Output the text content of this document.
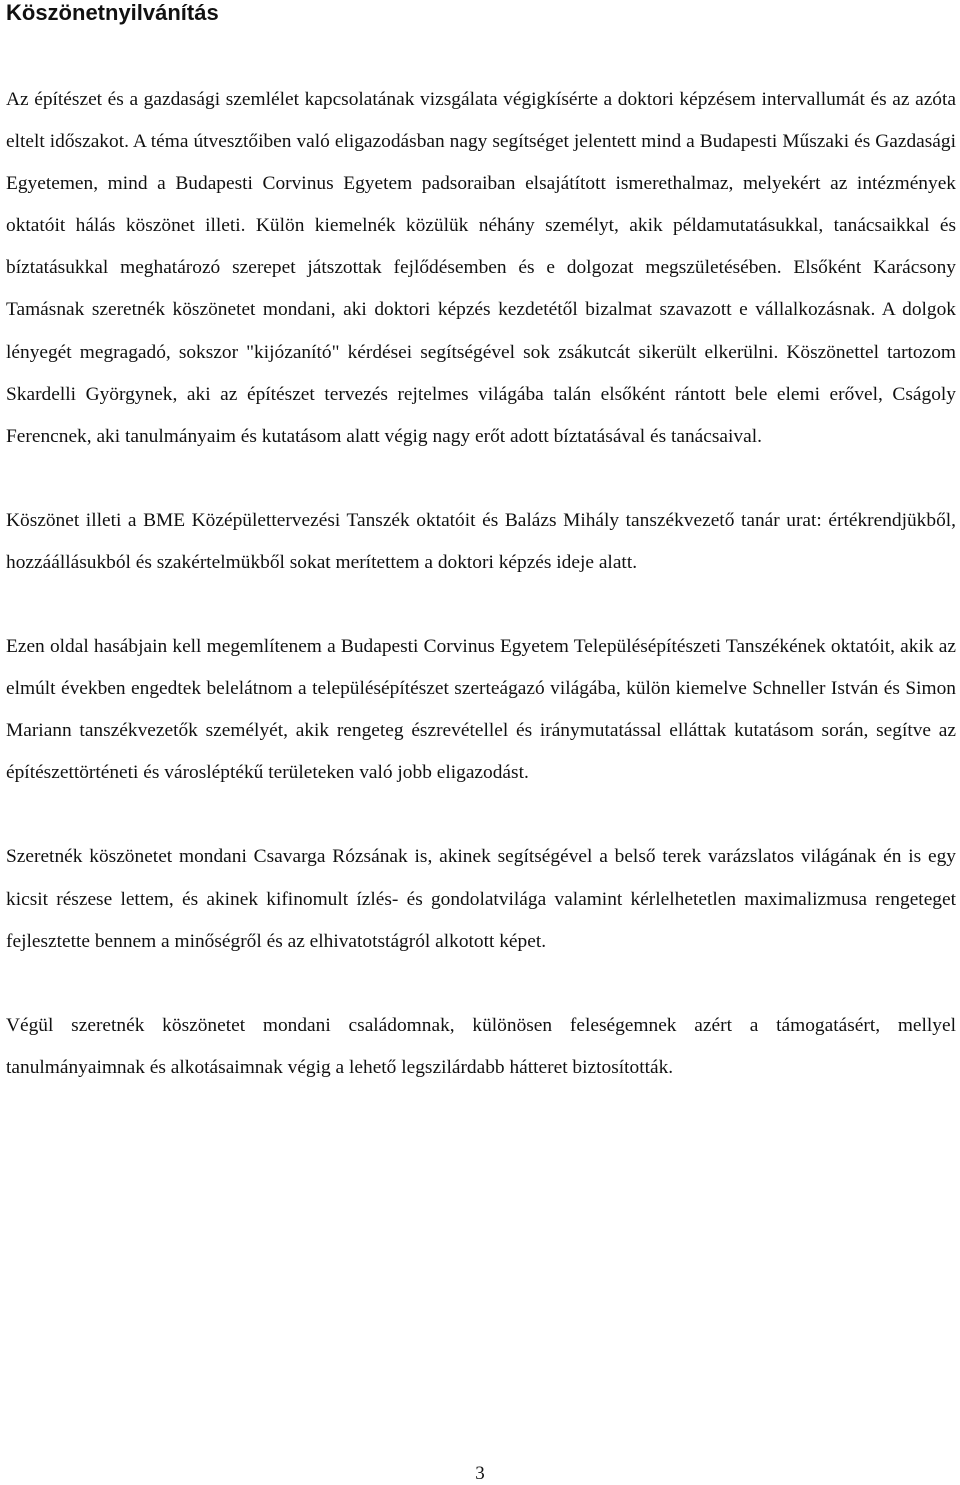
Köszönetnyilvánítás

Az építészet és a gazdasági szemlélet kapcsolatának vizsgálata végigkísérte a doktori képzésem intervallumát és az azóta eltelt időszakot. A téma útvesztőiben való eligazodásban nagy segítséget jelentett mind a Budapesti Műszaki és Gazdasági Egyetemen, mind a Budapesti Corvinus Egyetem padsoraiban elsajátított ismerethalmaz, melyekért az intézmények oktatóit hálás köszönet illeti. Külön kiemelnék közülük néhány személyt, akik példamutatásukkal, tanácsaikkal és bíztatásukkal meghatározó szerepet játszottak fejlődésemben és e dolgozat megszületésében. Elsőként Karácsony Tamásnak szeretnék köszönetet mondani, aki doktori képzés kezdetétől bizalmat szavazott e vállalkozásnak. A dolgok lényegét megragadó, sokszor "kijózanító" kérdései segítségével sok zsákutcát sikerült elkerülni. Köszönettel tartozom Skardelli Györgynek, aki az építészet tervezés rejtelmes világába talán elsőként rántott bele elemi erővel, Cságoly Ferencnek, aki tanulmányaim és kutatásom alatt végig nagy erőt adott bíztatásával és tanácsaival.

Köszönet illeti a BME Középülettervezési Tanszék oktatóit és Balázs Mihály tanszékvezető tanár urat: értékrendjükből, hozzáállásukból és szakértelmükből sokat merítettem a doktori képzés ideje alatt.

Ezen oldal hasábjain kell megemlítenem a Budapesti Corvinus Egyetem Településépítészeti Tanszékének oktatóit, akik az elmúlt években engedtek belelátnom a településépítészet szerteágazó világába, külön kiemelve Schneller István és Simon Mariann tanszékvezetők személyét, akik rengeteg észrevétellel és iránymutatással elláttak kutatásom során, segítve az építészettörténeti és városléptékű területeken való jobb eligazodást.

Szeretnék köszönetet mondani Csavarga Rózsának is, akinek segítségével a belső terek varázslatos világának én is egy kicsit részese lettem, és akinek kifinomult ízlés- és gondolatvilága valamint kérlelhetetlen maximalizmusa rengeteget fejlesztette bennem a minőségről és az elhivatotstágról alkotott képet.

Végül szeretnék köszönetet mondani családomnak, különösen feleségemnek azért a támogatásért, mellyel tanulmányaimnak és alkotásaimnak végig a lehető legszilárdabb hátteret biztosították.

3
